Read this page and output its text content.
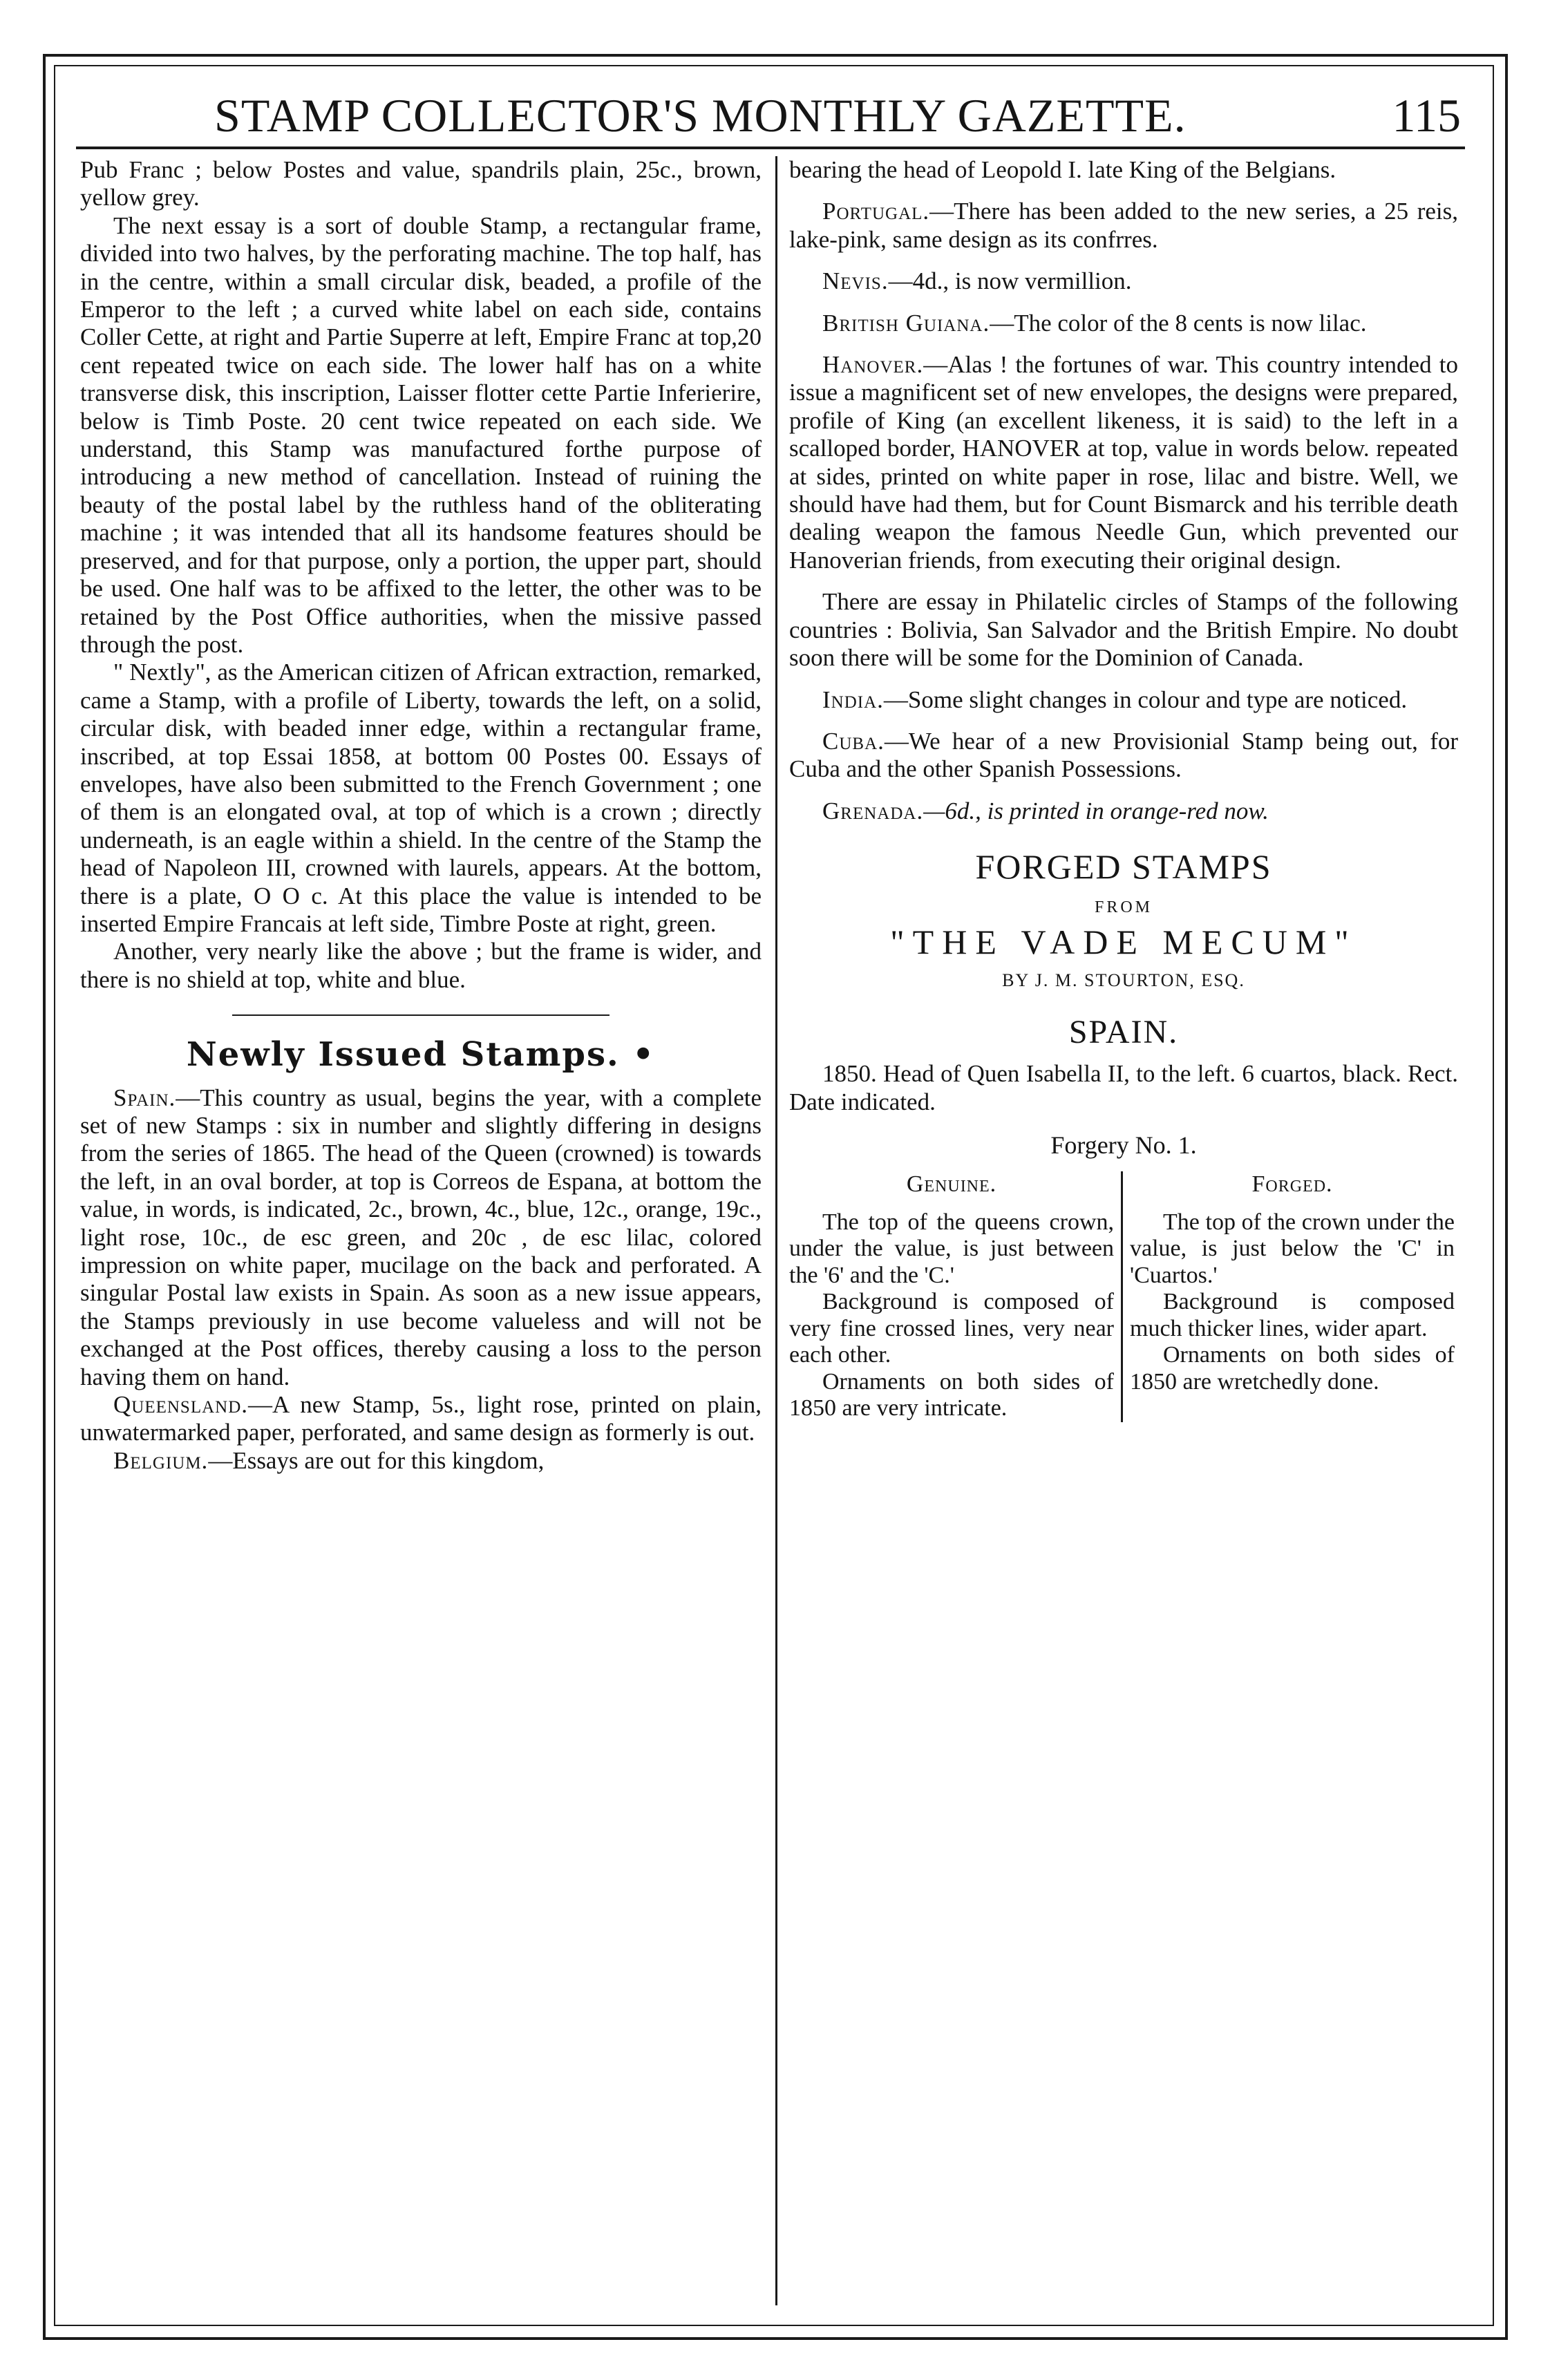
STAMP COLLECTOR'S MONTHLY GAZETTE.	115

Pub Franc ; below Postes and value, spandrils plain, 25c., brown, yellow grey.

The next essay is a sort of double Stamp, a rectangular frame, divided into two halves, by the perforating machine. The top half, has in the centre, within a small circular disk, beaded, a profile of the Emperor to the left ; a curved white label on each side, contains Coller Cette, at right and Partie Superre at left, Empire Franc at top,20 cent repeated twice on each side. The lower half has on a white transverse disk, this inscription, Laisser flotter cette Partie Inferierire, below is Timb Poste. 20 cent twice repeated on each side. We understand, this Stamp was manufactured forthe purpose of introducing a new method of cancellation. Instead of ruining the beauty of the postal label by the ruthless hand of the obliterating machine ; it was intended that all its handsome features should be preserved, and for that purpose, only a portion, the upper part, should be used. One half was to be affixed to the letter, the other was to be retained by the Post Office authorities, when the missive passed through the post.

" Nextly", as the American citizen of African extraction, remarked, came a Stamp, with a profile of Liberty, towards the left, on a solid, circular disk, with beaded inner edge, within a rectangular frame, inscribed, at top Essai 1858, at bottom 00 Postes 00. Essays of envelopes, have also been submitted to the French Government ; one of them is an elongated oval, at top of which is a crown ; directly underneath, is an eagle within a shield. In the centre of the Stamp the head of Napoleon III, crowned with laurels, appears. At the bottom, there is a plate, O O c. At this place the value is intended to be inserted Empire Francais at left side, Timbre Poste at right, green.

Another, very nearly like the above ; but the frame is wider, and there is no shield at top, white and blue.

Newly Issued Stamps. •

Spain.—This country as usual, begins the year, with a complete set of new Stamps : six in number and slightly differing in designs from the series of 1865. The head of the Queen (crowned) is towards the left, in an oval border, at top is Correos de Espana, at bottom the value, in words, is indicated, 2c., brown, 4c., blue, 12c., orange, 19c., light rose, 10c., de esc green, and 20c , de esc lilac, colored impression on white paper, mucilage on the back and perforated. A singular Postal law exists in Spain. As soon as a new issue appears, the Stamps previously in use become valueless and will not be exchanged at the Post offices, thereby causing a loss to the person having them on hand.

Queensland.—A new Stamp, 5s., light rose, printed on plain, unwatermarked paper, perforated, and same design as formerly is out.

Belgium.—Essays are out for this kingdom,

bearing the head of Leopold I. late King of the Belgians.

Portugal.—There has been added to the new series, a 25 reis, lake-pink, same design as its confrres.

Nevis.—4d., is now vermillion.

British Guiana.—The color of the 8 cents is now lilac.

Hanover.—Alas ! the fortunes of war. This country intended to issue a magnificent set of new envelopes, the designs were prepared, profile of King (an excellent likeness, it is said) to the left in a scalloped border, HANOVER at top, value in words below. repeated at sides, printed on white paper in rose, lilac and bistre. Well, we should have had them, but for Count Bismarck and his terrible death dealing weapon the famous Needle Gun, which prevented our Hanoverian friends, from executing their original design.

There are essay in Philatelic circles of Stamps of the following countries : Bolivia, San Salvador and the British Empire. No doubt soon there will be some for the Dominion of Canada.

India.—Some slight changes in colour and type are noticed.

Cuba.—We hear of a new Provisionial Stamp being out, for Cuba and the other Spanish Possessions.

Grenada.—6d., is printed in orange-red now.

FORGED STAMPS
FROM
"THE VADE MECUM"
BY J. M. STOURTON, ESQ.
SPAIN.

1850. Head of Quen Isabella II, to the left. 6 cuartos, black. Rect. Date indicated.

Forgery No. 1.
Genuine.

The top of the queens crown, under the value, is just between the '6' and the 'C.'

Background is composed of very fine crossed lines, very near each other.

Ornaments on both sides of 1850 are very intricate.

Forged.

The top of the crown under the value, is just below the 'C' in 'Cuartos.'

Background is composed much thicker lines, wider apart.

Ornaments on both sides of 1850 are wretchedly done.
